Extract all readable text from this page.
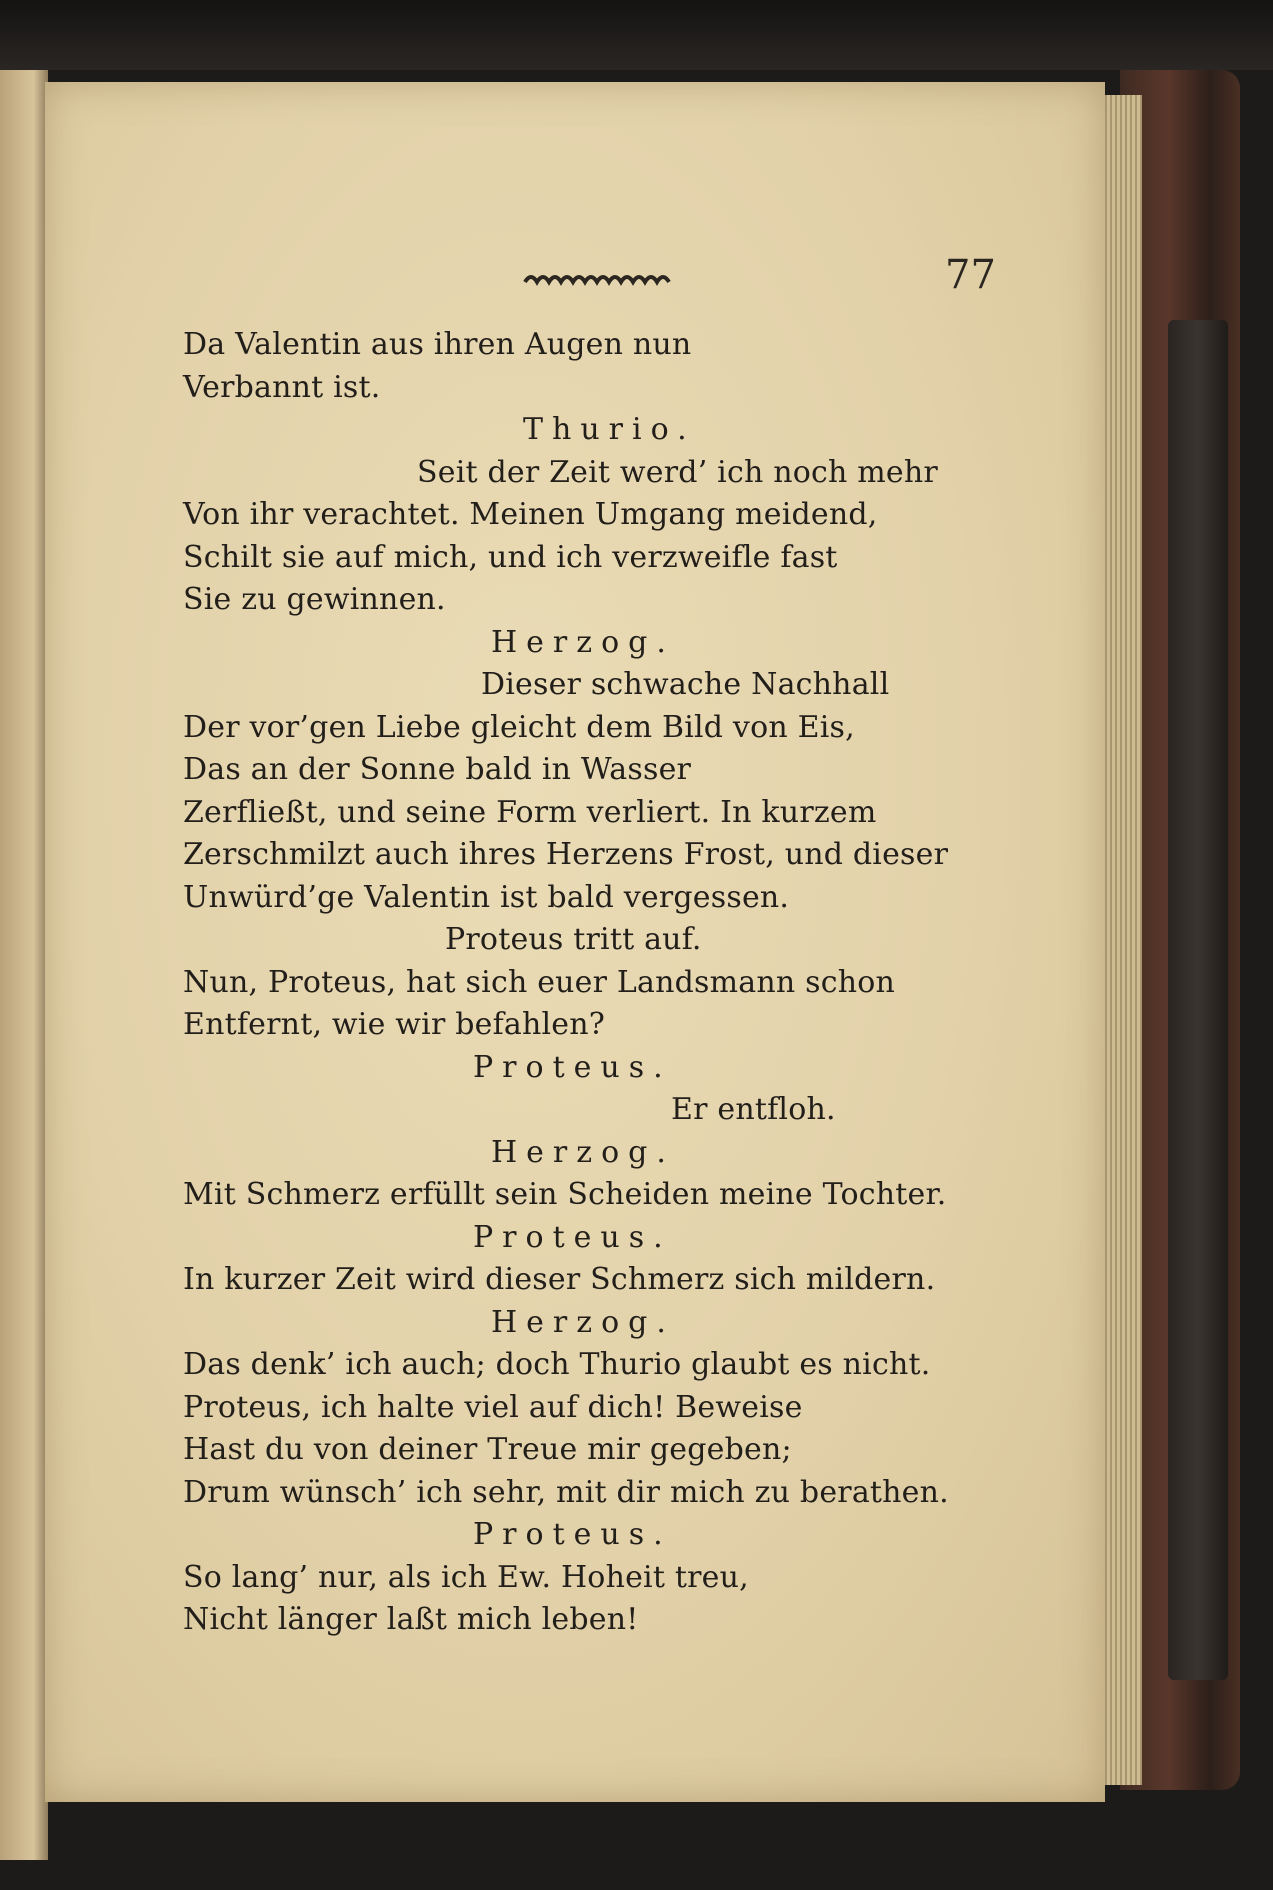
77
Da Valentin aus ihren Augen nun
Verbannt ist.
Thurio.
Seit der Zeit werd’ ich noch mehr
Von ihr verachtet. Meinen Umgang meidend,
Schilt sie auf mich, und ich verzweifle fast
Sie zu gewinnen.
Herzog.
Dieser schwache Nachhall
Der vor’gen Liebe gleicht dem Bild von Eis,
Das an der Sonne bald in Wasser
Zerfließt, und seine Form verliert. In kurzem
Zerschmilzt auch ihres Herzens Frost, und dieser
Unwürd’ge Valentin ist bald vergessen.
Proteus tritt auf.
Nun, Proteus, hat sich euer Landsmann schon
Entfernt, wie wir befahlen?
Proteus.
Er entfloh.
Herzog.
Mit Schmerz erfüllt sein Scheiden meine Tochter.
Proteus.
In kurzer Zeit wird dieser Schmerz sich mildern.
Herzog.
Das denk’ ich auch; doch Thurio glaubt es nicht.
Proteus, ich halte viel auf dich! Beweise
Hast du von deiner Treue mir gegeben;
Drum wünsch’ ich sehr, mit dir mich zu berathen.
Proteus.
So lang’ nur, als ich Ew. Hoheit treu,
Nicht länger laßt mich leben!
